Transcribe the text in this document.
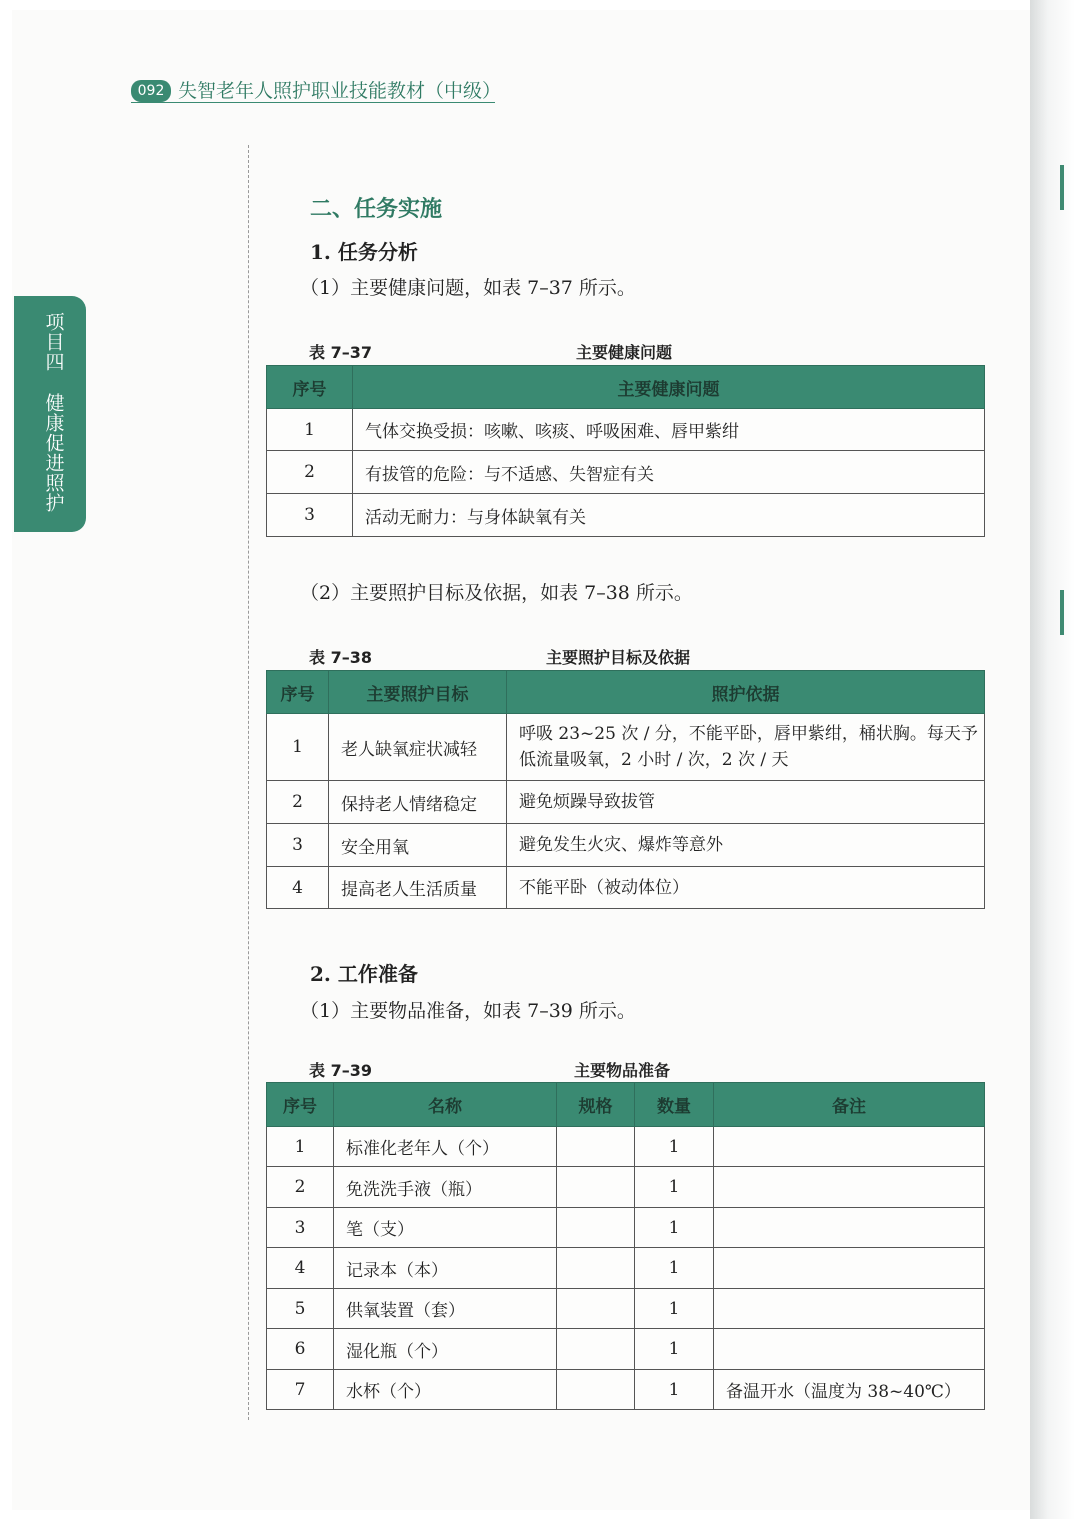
092 失智老年人照护职业技能教材（中级）
项目四 健康促进照护
二、任务实施
1. 任务分析
（1）主要健康问题，如表 7–37 所示。
表 7–37	主要健康问题
序号	主要健康问题
1	气体交换受损：咳嗽、咳痰、呼吸困难、唇甲紫绀
2	有拔管的危险：与不适感、失智症有关
3	活动无耐力：与身体缺氧有关
（2）主要照护目标及依据，如表 7–38 所示。
表 7–38	主要照护目标及依据
序号	主要照护目标	照护依据
1	老人缺氧症状减轻	呼吸 23~25 次 / 分，不能平卧，唇甲紫绀，桶状胸。每天予低流量吸氧，2 小时 / 次，2 次 / 天
2	保持老人情绪稳定	避免烦躁导致拔管
3	安全用氧	避免发生火灾、爆炸等意外
4	提高老人生活质量	不能平卧（被动体位）
2. 工作准备
（1）主要物品准备，如表 7–39 所示。
表 7–39	主要物品准备
序号	名称	规格	数量	备注
1	标准化老年人（个）		1	
2	免洗洗手液（瓶）		1	
3	笔（支）		1	
4	记录本（本）		1	
5	供氧装置（套）		1	
6	湿化瓶（个）		1	
7	水杯（个）		1	备温开水（温度为 38~40℃）
